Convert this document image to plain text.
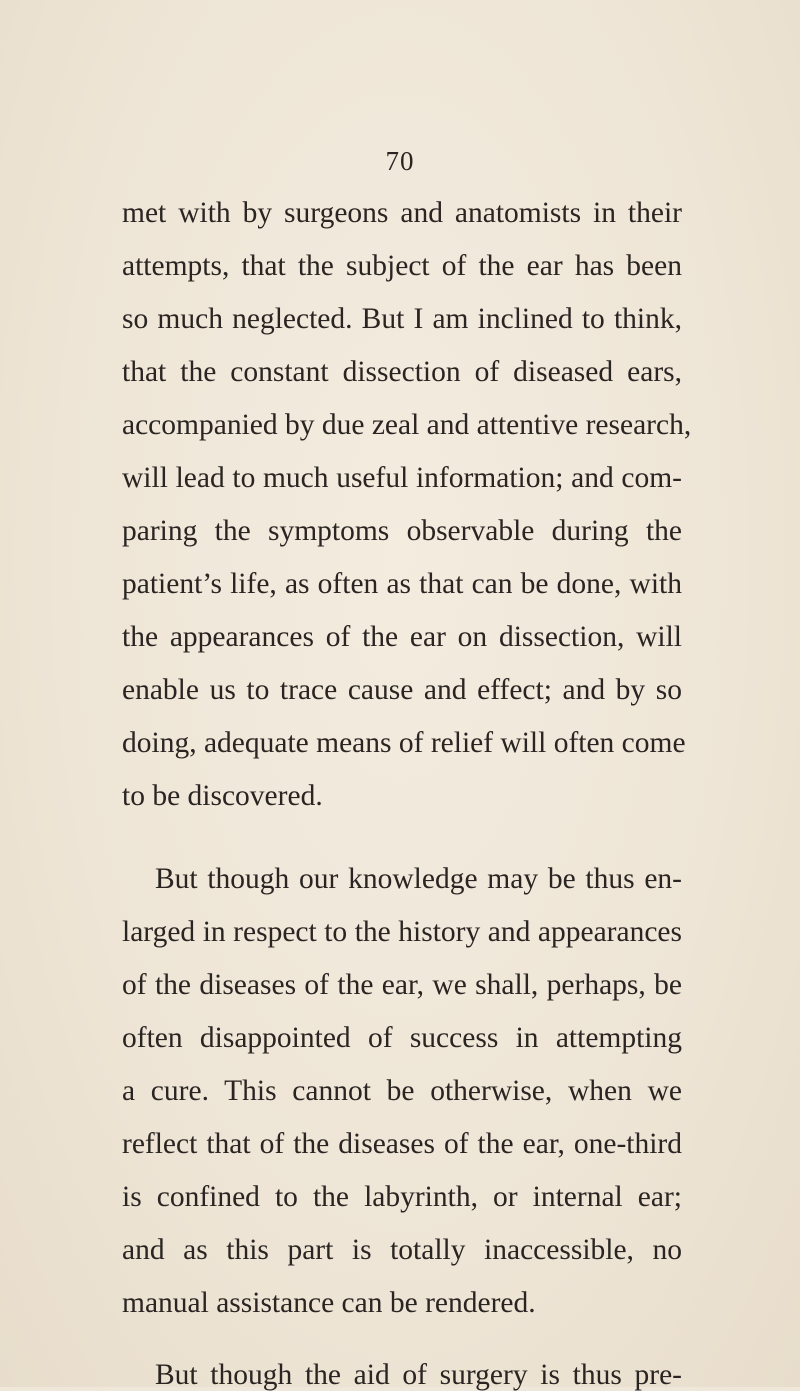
70
met with by surgeons and anatomists in their
attempts, that the subject of the ear has been
so much neglected. But I am inclined to think,
that the constant dissection of diseased ears,
accompanied by due zeal and attentive research,
will lead to much useful information; and com-
paring the symptoms observable during the
patient’s life, as often as that can be done, with
the appearances of the ear on dissection, will
enable us to trace cause and effect; and by so
doing, adequate means of relief will often come
to be discovered.
But though our knowledge may be thus en-
larged in respect to the history and appearances
of the diseases of the ear, we shall, perhaps, be
often disappointed of success in attempting
a cure. This cannot be otherwise, when we
reflect that of the diseases of the ear, one-third
is confined to the labyrinth, or internal ear;
and as this part is totally inaccessible, no
manual assistance can be rendered.
But though the aid of surgery is thus pre-
